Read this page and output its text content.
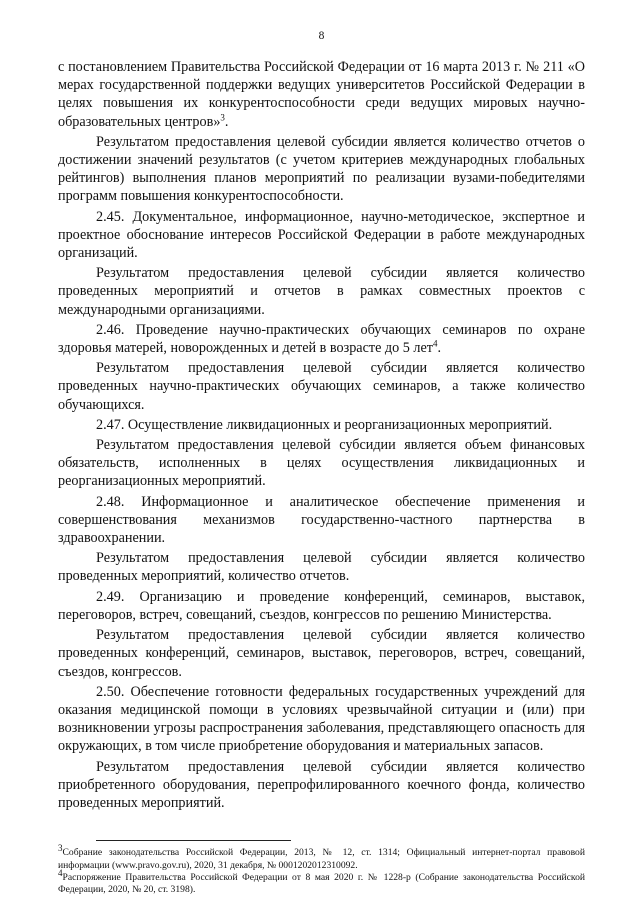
8

с постановлением Правительства Российской Федерации от 16 марта 2013 г. № 211 «О мерах государственной поддержки ведущих университетов Российской Федерации в целях повышения их конкурентоспособности среди ведущих мировых научно-образовательных центров»$^3$.

Результатом предоставления целевой субсидии является количество отчетов о достижении значений результатов (с учетом критериев международных глобальных рейтингов) выполнения планов мероприятий по реализации вузами-победителями программ повышения конкурентоспособности.

2.45. Документальное, информационное, научно-методическое, экспертное и проектное обоснование интересов Российской Федерации в работе международных организаций.

Результатом предоставления целевой субсидии является количество проведенных мероприятий и отчетов в рамках совместных проектов с международными организациями.

2.46. Проведение научно-практических обучающих семинаров по охране здоровья матерей, новорожденных и детей в возрасте до 5 лет$^4$.

Результатом предоставления целевой субсидии является количество проведенных научно-практических обучающих семинаров, а также количество обучающихся.

2.47. Осуществление ликвидационных и реорганизационных мероприятий.

Результатом предоставления целевой субсидии является объем финансовых обязательств, исполненных в целях осуществления ликвидационных и реорганизационных мероприятий.

2.48. Информационное и аналитическое обеспечение применения и совершенствования механизмов государственно-частного партнерства в здравоохранении.

Результатом предоставления целевой субсидии является количество проведенных мероприятий, количество отчетов.

2.49. Организацию и проведение конференций, семинаров, выставок, переговоров, встреч, совещаний, съездов, конгрессов по решению Министерства.

Результатом предоставления целевой субсидии является количество проведенных конференций, семинаров, выставок, переговоров, встреч, совещаний, съездов, конгрессов.

2.50. Обеспечение готовности федеральных государственных учреждений для оказания медицинской помощи в условиях чрезвычайной ситуации и (или) при возникновении угрозы распространения заболевания, представляющего опасность для окружающих, в том числе приобретение оборудования и материальных запасов.

Результатом предоставления целевой субсидии является количество приобретенного оборудования, перепрофилированного коечного фонда, количество проведенных мероприятий.

$^3$Собрание законодательства Российской Федерации, 2013, № 12, ст. 1314; Официальный интернет-портал правовой информации (www.pravo.gov.ru), 2020, 31 декабря, № 0001202012310092.

$^4$Распоряжение Правительства Российской Федерации от 8 мая 2020 г. № 1228-р (Собрание законодательства Российской Федерации, 2020, № 20, ст. 3198).
